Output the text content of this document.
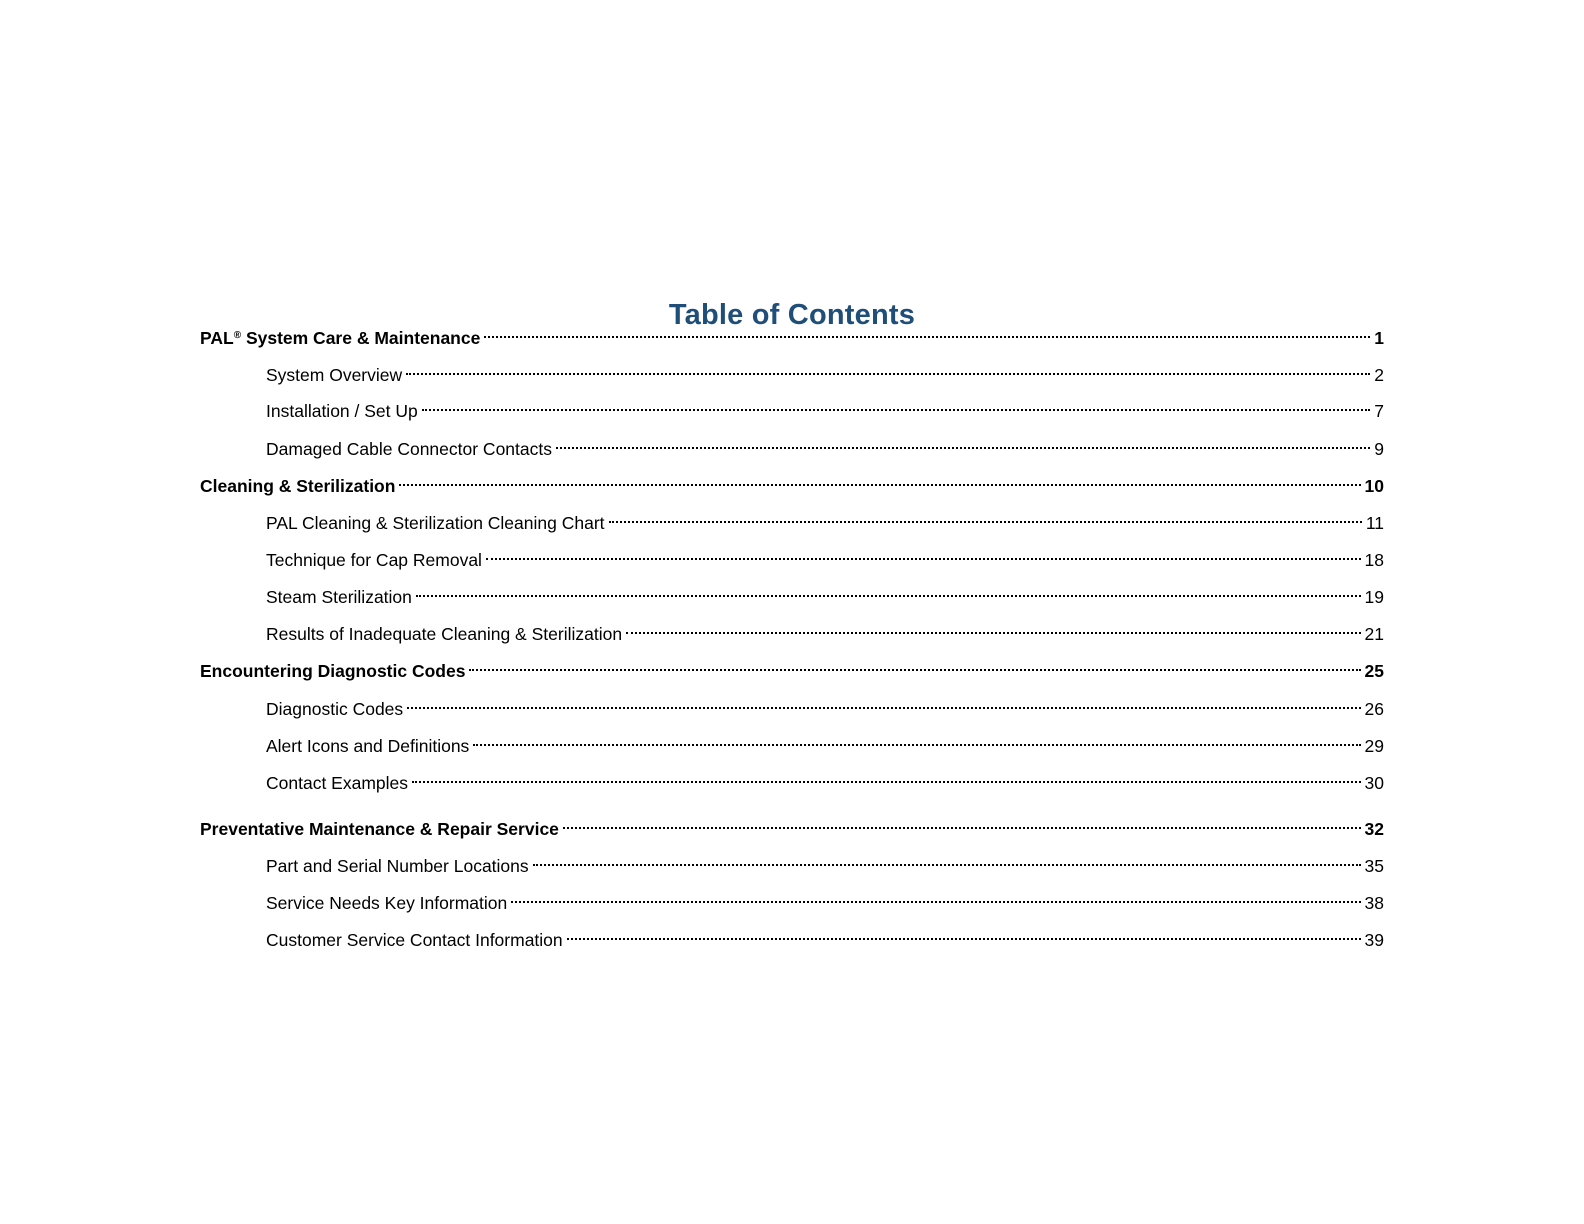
Table of Contents
PAL® System Care & Maintenance	1
System Overview	2
Installation / Set Up	7
Damaged Cable Connector Contacts	9
Cleaning & Sterilization	10
PAL Cleaning & Sterilization Cleaning Chart	11
Technique for Cap Removal	18
Steam Sterilization	19
Results of Inadequate Cleaning & Sterilization	21
Encountering Diagnostic Codes	25
Diagnostic Codes	26
Alert Icons and Definitions	29
Contact Examples	30
Preventative Maintenance & Repair Service	32
Part and Serial Number Locations	35
Service Needs Key Information	38
Customer Service Contact Information	39
